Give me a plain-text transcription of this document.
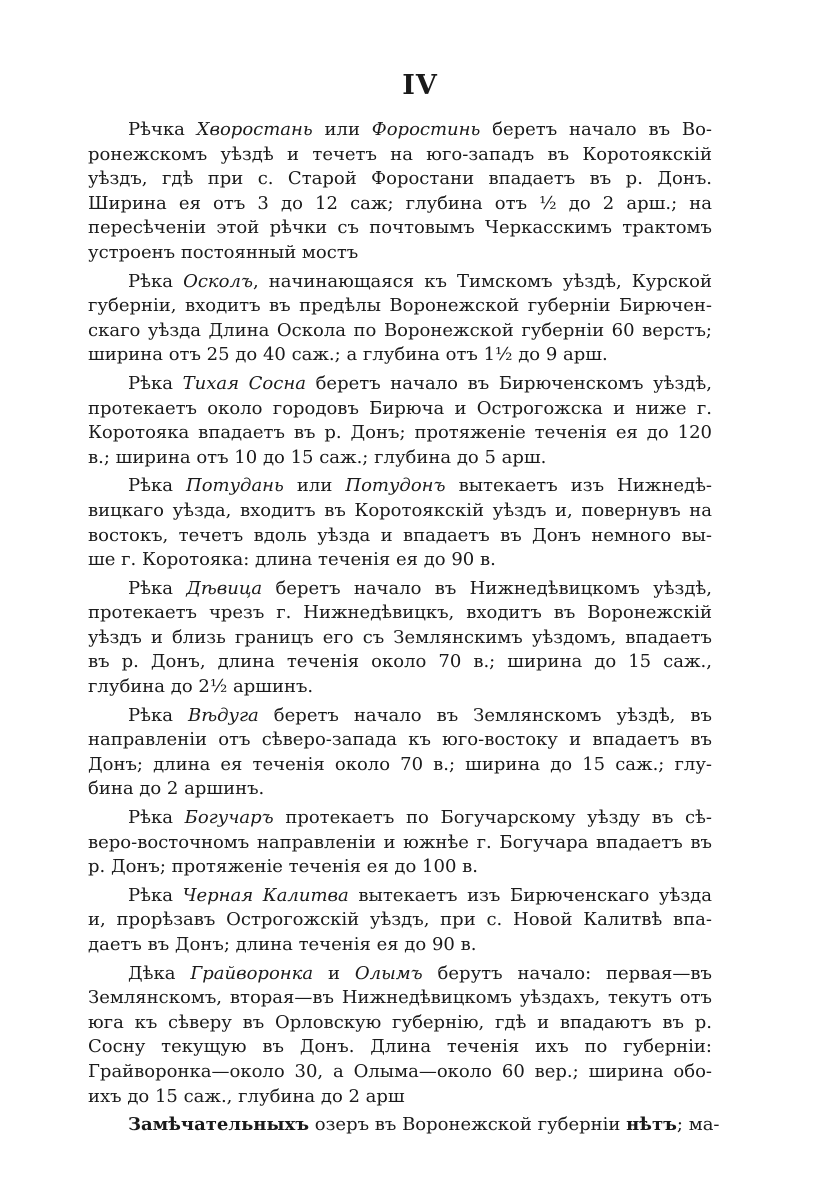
IV
Рѣчка Хворостань или Форостинь беретъ начало въ Во-
ронежскомъ уѣздѣ и течетъ на юго-западъ въ Коротоякскій
уѣздъ, гдѣ при с. Старой Форостани впадаетъ въ р. Донъ.
Ширина ея отъ 3 до 12 саж; глубина отъ ½ до 2 арш.; на
пересѣченіи этой рѣчки съ почтовымъ Черкасскимъ трактомъ
устроенъ постоянный мостъ
Рѣка Осколъ, начинающаяся къ Тимскомъ уѣздѣ, Курской
губерніи, входитъ въ предѣлы Воронежской губерніи Бирючен-
скаго уѣзда Длина Оскола по Воронежской губерніи 60 верстъ;
ширина отъ 25 до 40 саж.; а глубина отъ 1½ до 9 арш.
Рѣка Тихая Сосна беретъ начало въ Бирюченскомъ уѣздѣ,
протекаетъ около городовъ Бирюча и Острогожска и ниже г.
Коротояка впадаетъ въ р. Донъ; протяженіе теченія ея до 120
в.; ширина отъ 10 до 15 саж.; глубина до 5 арш.
Рѣка Потудань или Потудонъ вытекаетъ изъ Нижнедѣ-
вицкаго уѣзда, входитъ въ Коротоякскій уѣздъ и, повернувъ на
востокъ, течетъ вдоль уѣзда и впадаетъ въ Донъ немного вы-
ше г. Коротояка: длина теченія ея до 90 в.
Рѣка Дѣвица беретъ начало въ Нижнедѣвицкомъ уѣздѣ,
протекаетъ чрезъ г. Нижнедѣвицкъ, входитъ въ Воронежскій
уѣздъ и близь границъ его съ Землянскимъ уѣздомъ, впадаетъ
въ р. Донъ, длина теченія около 70 в.; ширина до 15 саж.,
глубина до 2½ аршинъ.
Рѣка Вѣдуга беретъ начало въ Землянскомъ уѣздѣ, въ
направленіи отъ сѣверо-запада къ юго-востоку и впадаетъ въ
Донъ; длина ея теченія около 70 в.; ширина до 15 саж.; глу-
бина до 2 аршинъ.
Рѣка Богучаръ протекаетъ по Богучарскому уѣзду въ сѣ-
веро-восточномъ направленіи и южнѣе г. Богучара впадаетъ въ
р. Донъ; протяженіе теченія ея до 100 в.
Рѣка Черная Калитва вытекаетъ изъ Бирюченскаго уѣзда
и, прорѣзавъ Острогожскій уѣздъ, при с. Новой Калитвѣ впа-
даетъ въ Донъ; длина теченія ея до 90 в.
Дѣка Грайворонка и Олымъ берутъ начало: первая—въ
Землянскомъ, вторая—въ Нижнедѣвицкомъ уѣздахъ, текутъ отъ
юга къ сѣверу въ Орловскую губернію, гдѣ и впадаютъ въ р.
Сосну текущую въ Донъ. Длина теченія ихъ по губерніи:
Грайворонка—около 30, а Олыма—около 60 вер.; ширина обо-
ихъ до 15 саж., глубина до 2 арш
Замѣчательныхъ озеръ въ Воронежской губерніи нѣтъ; ма-
